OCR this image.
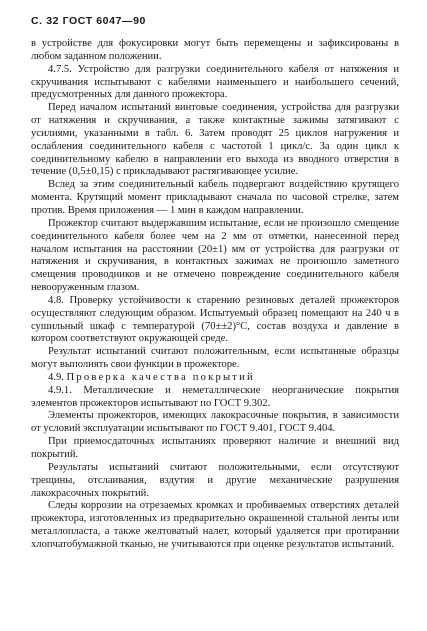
С. 32 ГОСТ 6047—90

в устройстве для фокусировки могут быть перемещены и зафиксированы в любом заданном положении.

4.7.5. Устройство для разгрузки соединительного кабеля от натяжения и скручивания испытывают с кабелями наименьшего и наибольшего сечений, предусмотренных для данного прожектора.

Перед началом испытаний винтовые соединения, устройства для разгрузки от натяжения и скручивания, а также контактные зажимы затягивают с усилиями, указанными в табл. 6. Затем проводят 25 циклов нагружения и ослабления соединительного кабеля с частотой 1 цикл/с. За один цикл к соединительному кабелю в направлении его выхода из вводного отверстия в течение (0,5±0,15) с прикладывают растягивающее усилие.

Вслед за этим соединительный кабель подвергают воздействию крутящего момента. Крутящий момент прикладывают сначала по часовой стрелке, затем против. Время приложения — 1 мин в каждом направлении.

Прожектор считают выдержавшим испытание, если не произошло смещение соединительного кабеля более чем на 2 мм от отметки, нанесенной перед началом испытания на расстоянии (20±1) мм от устройства для разгрузки от натяжения и скручивания, в контактных зажимах не произошло заметного смещения проводников и не отмечено повреждение соединительного кабеля невооруженным глазом.

4.8. Проверку устойчивости к старению резиновых деталей прожекторов осуществляют следующим образом. Испытуемый образец помещают на 240 ч в сушильный шкаф с температурой (70±±2)°С, состав воздуха и давление в котором соответствуют окружающей среде.

Результат испытаний считают положительным, если испытанные образцы могут выполнять свои функции в прожекторе.

4.9. Проверка качества покрытий

4.9.1. Металлические и неметаллические неорганические покрытия элементов прожекторов испытывают по ГОСТ 9.302.

Элементы прожекторов, имеющих лакокрасочные покрытия, в зависимости от условий эксплуатации испытывают по ГОСТ 9.401, ГОСТ 9.404.

При приемосдаточных испытаниях проверяют наличие и внешний вид покрытий.

Результаты испытаний считают положительными, если отсутствуют трещины, отслаивания, вздутия и другие механические разрушения лакокрасочных покрытий.

Следы коррозии на отрезаемых кромках и пробиваемых отверстиях деталей прожектора, изготовленных из предварительно окрашенной стальной ленты или металлопласта, а также желтоватый налет, который удаляется при протирании хлопчатобумажной тканью, не учитываются при оценке результатов испытаний.
